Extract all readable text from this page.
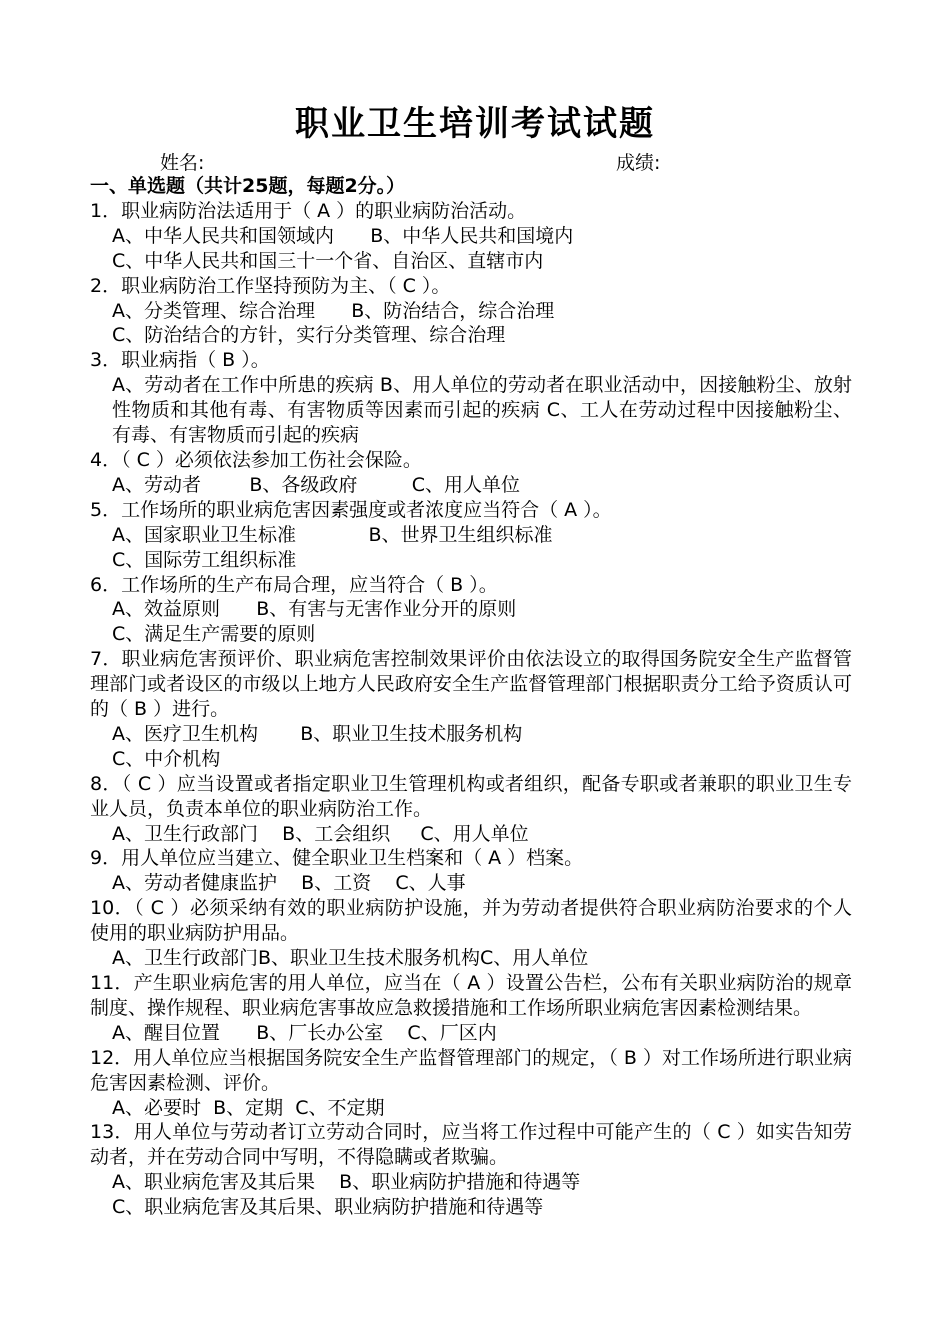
职业卫生培训考试试题
姓名:	成绩:
一、单选题（共计25题，每题2分。）
1．职业病防治法适用于（ A ）的职业病防治活动。
A、中华人民共和国领域内      B、中华人民共和国境内
C、中华人民共和国三十一个省、自治区、直辖市内
2．职业病防治工作坚持预防为主、（ C ）。
A、分类管理、综合治理      B、防治结合，综合治理
C、防治结合的方针，实行分类管理、综合治理
3．职业病指（ B ）。
A、劳动者在工作中所患的疾病 B、用人单位的劳动者在职业活动中，因接触粉尘、放射性物质和其他有毒、有害物质等因素而引起的疾病 C、工人在劳动过程中因接触粉尘、有毒、有害物质而引起的疾病
4．（ C ）必须依法参加工伤社会保险。
A、劳动者        B、各级政府         C、用人单位
5．工作场所的职业病危害因素强度或者浓度应当符合（ A ）。
A、国家职业卫生标准            B、世界卫生组织标准
C、国际劳工组织标准
6．工作场所的生产布局合理，应当符合（ B ）。
A、效益原则      B、有害与无害作业分开的原则
C、满足生产需要的原则
7．职业病危害预评价、职业病危害控制效果评价由依法设立的取得国务院安全生产监督管理部门或者设区的市级以上地方人民政府安全生产监督管理部门根据职责分工给予资质认可的（ B ）进行。
A、医疗卫生机构       B、职业卫生技术服务机构
C、中介机构
8．（ C ）应当设置或者指定职业卫生管理机构或者组织，配备专职或者兼职的职业卫生专业人员，负责本单位的职业病防治工作。
A、卫生行政部门    B、工会组织     C、用人单位
9．用人单位应当建立、健全职业卫生档案和（ A ）档案。
A、劳动者健康监护    B、工资    C、人事
10．（ C ）必须采纳有效的职业病防护设施，并为劳动者提供符合职业病防治要求的个人使用的职业病防护用品。
A、卫生行政部门B、职业卫生技术服务机构C、用人单位
11．产生职业病危害的用人单位，应当在（ A ）设置公告栏，公布有关职业病防治的规章制度、操作规程、职业病危害事故应急救援措施和工作场所职业病危害因素检测结果。
A、醒目位置      B、厂长办公室    C、厂区内
12．用人单位应当根据国务院安全生产监督管理部门的规定，（ B ）对工作场所进行职业病危害因素检测、评价。
A、必要时  B、定期  C、不定期
13．用人单位与劳动者订立劳动合同时，应当将工作过程中可能产生的（ C ）如实告知劳动者，并在劳动合同中写明，不得隐瞒或者欺骗。
A、职业病危害及其后果    B、职业病防护措施和待遇等
C、职业病危害及其后果、职业病防护措施和待遇等
